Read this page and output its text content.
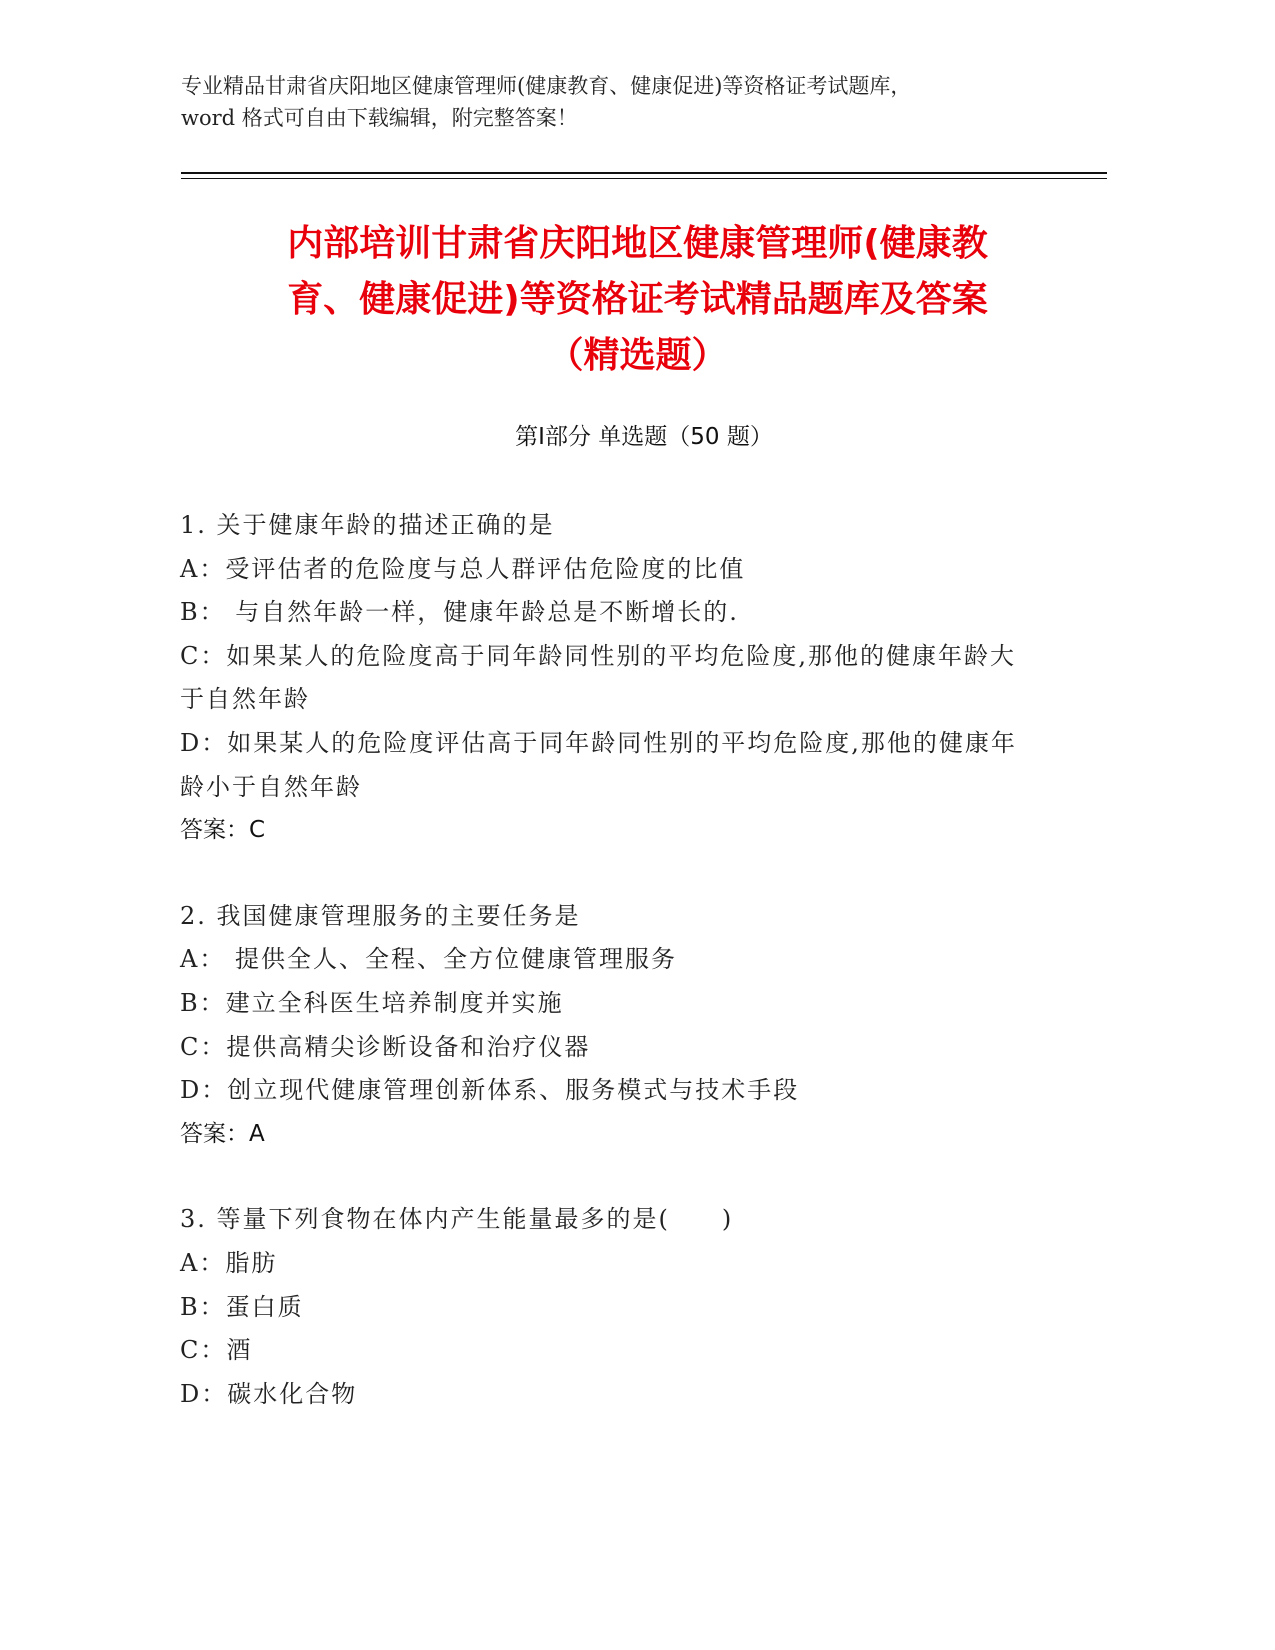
专业精品甘肃省庆阳地区健康管理师(健康教育、健康促进)等资格证考试题库，
word 格式可自由下载编辑，附完整答案！
内部培训甘肃省庆阳地区健康管理师(健康教
育、健康促进)等资格证考试精品题库及答案
（精选题）
第Ⅰ部分 单选题（50 题）
1. 关于健康年龄的描述正确的是
A：受评估者的危险度与总人群评估危险度的比值
B： 与自然年龄一样，健康年龄总是不断增长的.
C：如果某人的危险度高于同年龄同性别的平均危险度,那他的健康年龄大于自然年龄
D：如果某人的危险度评估高于同年龄同性别的平均危险度,那他的健康年龄小于自然年龄
答案：C
2. 我国健康管理服务的主要任务是
A： 提供全人、全程、全方位健康管理服务
B：建立全科医生培养制度并实施
C：提供高精尖诊断设备和治疗仪器
D：创立现代健康管理创新体系、服务模式与技术手段
答案：A
3. 等量下列食物在体内产生能量最多的是(　　)
A：脂肪
B：蛋白质
C：酒
D：碳水化合物
